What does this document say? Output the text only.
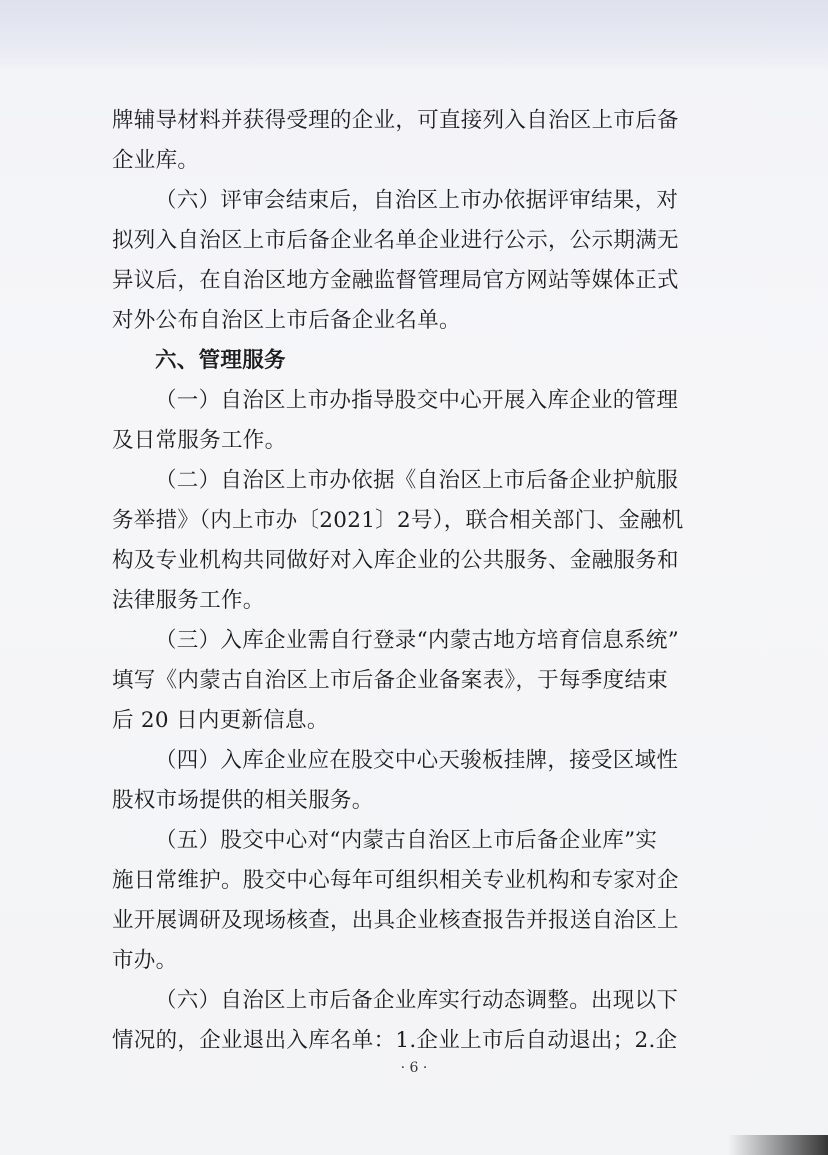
牌辅导材料并获得受理的企业，可直接列入自治区上市后备

企业库。

（六）评审会结束后，自治区上市办依据评审结果，对

拟列入自治区上市后备企业名单企业进行公示，公示期满无

异议后，在自治区地方金融监督管理局官方网站等媒体正式

对外公布自治区上市后备企业名单。

六、管理服务

（一）自治区上市办指导股交中心开展入库企业的管理

及日常服务工作。

（二）自治区上市办依据《自治区上市后备企业护航服

务举措》（内上市办〔2021〕2号），联合相关部门、金融机

构及专业机构共同做好对入库企业的公共服务、金融服务和

法律服务工作。

（三）入库企业需自行登录“内蒙古地方培育信息系统”

填写《内蒙古自治区上市后备企业备案表》，于每季度结束

后 20 日内更新信息。

（四）入库企业应在股交中心天骏板挂牌，接受区域性

股权市场提供的相关服务。

（五）股交中心对“内蒙古自治区上市后备企业库”实

施日常维护。股交中心每年可组织相关专业机构和专家对企

业开展调研及现场核查，出具企业核查报告并报送自治区上

市办。

（六）自治区上市后备企业库实行动态调整。出现以下

情况的，企业退出入库名单：1.企业上市后自动退出；2.企

· 6 ·
